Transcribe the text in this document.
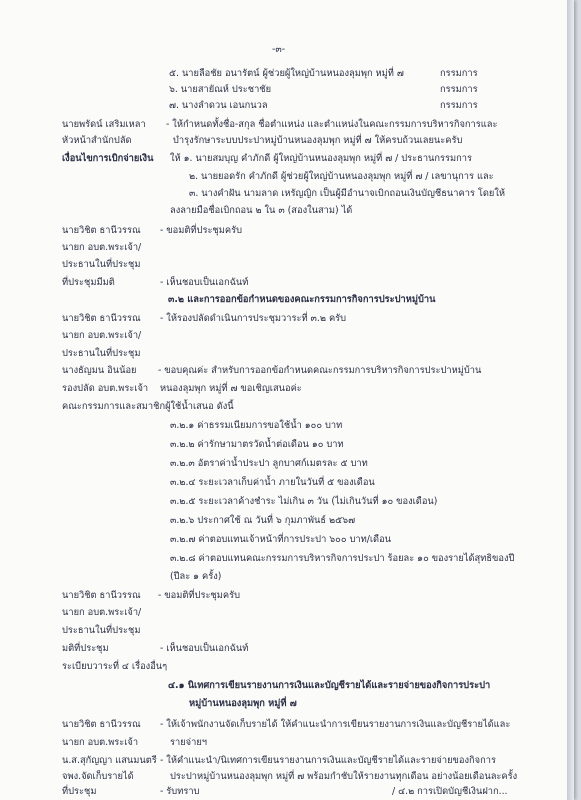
-๓-
๕. นายลือชัย อนารัตน์ ผู้ช่วยผู้ใหญ่บ้านหนองลุมพุก หมู่ที่ ๗	กรรมการ
๖. นายสายัณห์ ประชาชัย	กรรมการ
๗. นางลำดวน เอนกนวล	กรรมการ
นายพรัดน์ เสริมเหลา - ให้กำหนดทั้งชื่อ-สกุล ชื่อตำแหน่ง และตำแหน่งในคณะกรรมการบริหารกิจการและ
หัวหน้าสำนักปลัด	บำรุงรักษาระบบประปาหมู่บ้านหนองลุมพุก หมู่ที่ ๗ ให้ครบถ้วนเลยนะครับ
เงื่อนไขการเบิกจ่ายเงิน ให้ ๑. นายสมบุญ คำภักดี ผู้ใหญ่บ้านหนองลุมพุก หมู่ที่ ๗ / ประธานกรรมการ
๒. นายยอดรัก คำภักดี ผู้ช่วยผู้ใหญ่บ้านหนองลุมพุก หมู่ที่ ๗ / เลขานุการ และ
๓. นางคำฝัน นามลาด เหรัญญิก เป็นผู้มีอำนาจเบิกถอนเงินบัญชีธนาคาร โดยให้
ลงลายมือชื่อเบิกถอน ๒ ใน ๓ (สองในสาม) ได้
นายวิชิต ธานีวรรณ - ขอมติที่ประชุมครับ
นายก อบต.พระเจ้า/
ประธานในที่ประชุม
ที่ประชุมมีมติ	- เห็นชอบเป็นเอกฉันท์
๓.๒ และการออกข้อกำหนดของคณะกรรมการกิจการประปาหมู่บ้าน
นายวิชิต ธานีวรรณ - ให้รองปลัดดำเนินการประชุมวาระที่ ๓.๒ ครับ
นายก อบต.พระเจ้า/
ประธานในที่ประชุม
นางธัญมน อินน้อย - ขอบคุณค่ะ สำหรับการออกข้อกำหนดคณะกรรมการบริหารกิจการประปาหมู่บ้าน
รองปลัด อบต.พระเจ้า หนองลุมพุก หมู่ที่ ๗ ขอเชิญเสนอค่ะ
คณะกรรมการและสมาชิกผู้ใช้น้ำเสนอ ดังนี้
๓.๒.๑ ค่าธรรมเนียมการขอใช้น้ำ ๑๐๐ บาท
๓.๒.๒ ค่ารักษามาตรวัดน้ำต่อเดือน ๑๐ บาท
๓.๒.๓ อัตราค่าน้ำประปา ลูกบาศก์เมตรละ ๕ บาท
๓.๒.๔ ระยะเวลาเก็บค่าน้ำ ภายในวันที่ ๕ ของเดือน
๓.๒.๕ ระยะเวลาค้างชำระ ไม่เกิน ๓ วัน (ไม่เกินวันที่ ๑๐ ของเดือน)
๓.๒.๖ ประกาศใช้ ณ วันที่ ๖ กุมภาพันธ์ ๒๕๖๗
๓.๒.๗ ค่าตอบแทนเจ้าหน้าที่การประปา ๖๐๐ บาท/เดือน
๓.๒.๘ ค่าตอบแทนคณะกรรมการบริหารกิจการประปา ร้อยละ ๑๐ ของรายได้สุทธิของปี
(ปีละ ๑ ครั้ง)
นายวิชิต ธานีวรรณ - ขอมติที่ประชุมครับ
นายก อบต.พระเจ้า/
ประธานในที่ประชุม
มติที่ประชุม	- เห็นชอบเป็นเอกฉันท์
ระเบียบวาระที่ ๔ เรื่องอื่นๆ
๔.๑ นิเทศการเขียนรายงานการเงินและบัญชีรายได้และรายจ่ายของกิจการประปา
หมู่บ้านหนองลุมพุก หมู่ที่ ๗
นายวิชิต ธานีวรรณ - ให้เจ้าพนักงานจัดเก็บรายได้ ให้คำแนะนำการเขียนรายงานการเงินและบัญชีรายได้และ
นายก อบต.พระเจ้า	รายจ่ายฯ
น.ส.สุกัญญา แสนมนตรี - ให้คำแนะนำ/นิเทศการเขียนรายงานการเงินและบัญชีรายได้และรายจ่ายของกิจการ
จพง.จัดเก็บรายได้	ประปาหมู่บ้านหนองลุมพุก หมู่ที่ ๗ พร้อมกำชับให้รายงานทุกเดือน อย่างน้อยเดือนละครั้ง
ที่ประชุม	- รับทราบ	/ ๔.๒ การเปิดบัญชีเงินฝาก...
